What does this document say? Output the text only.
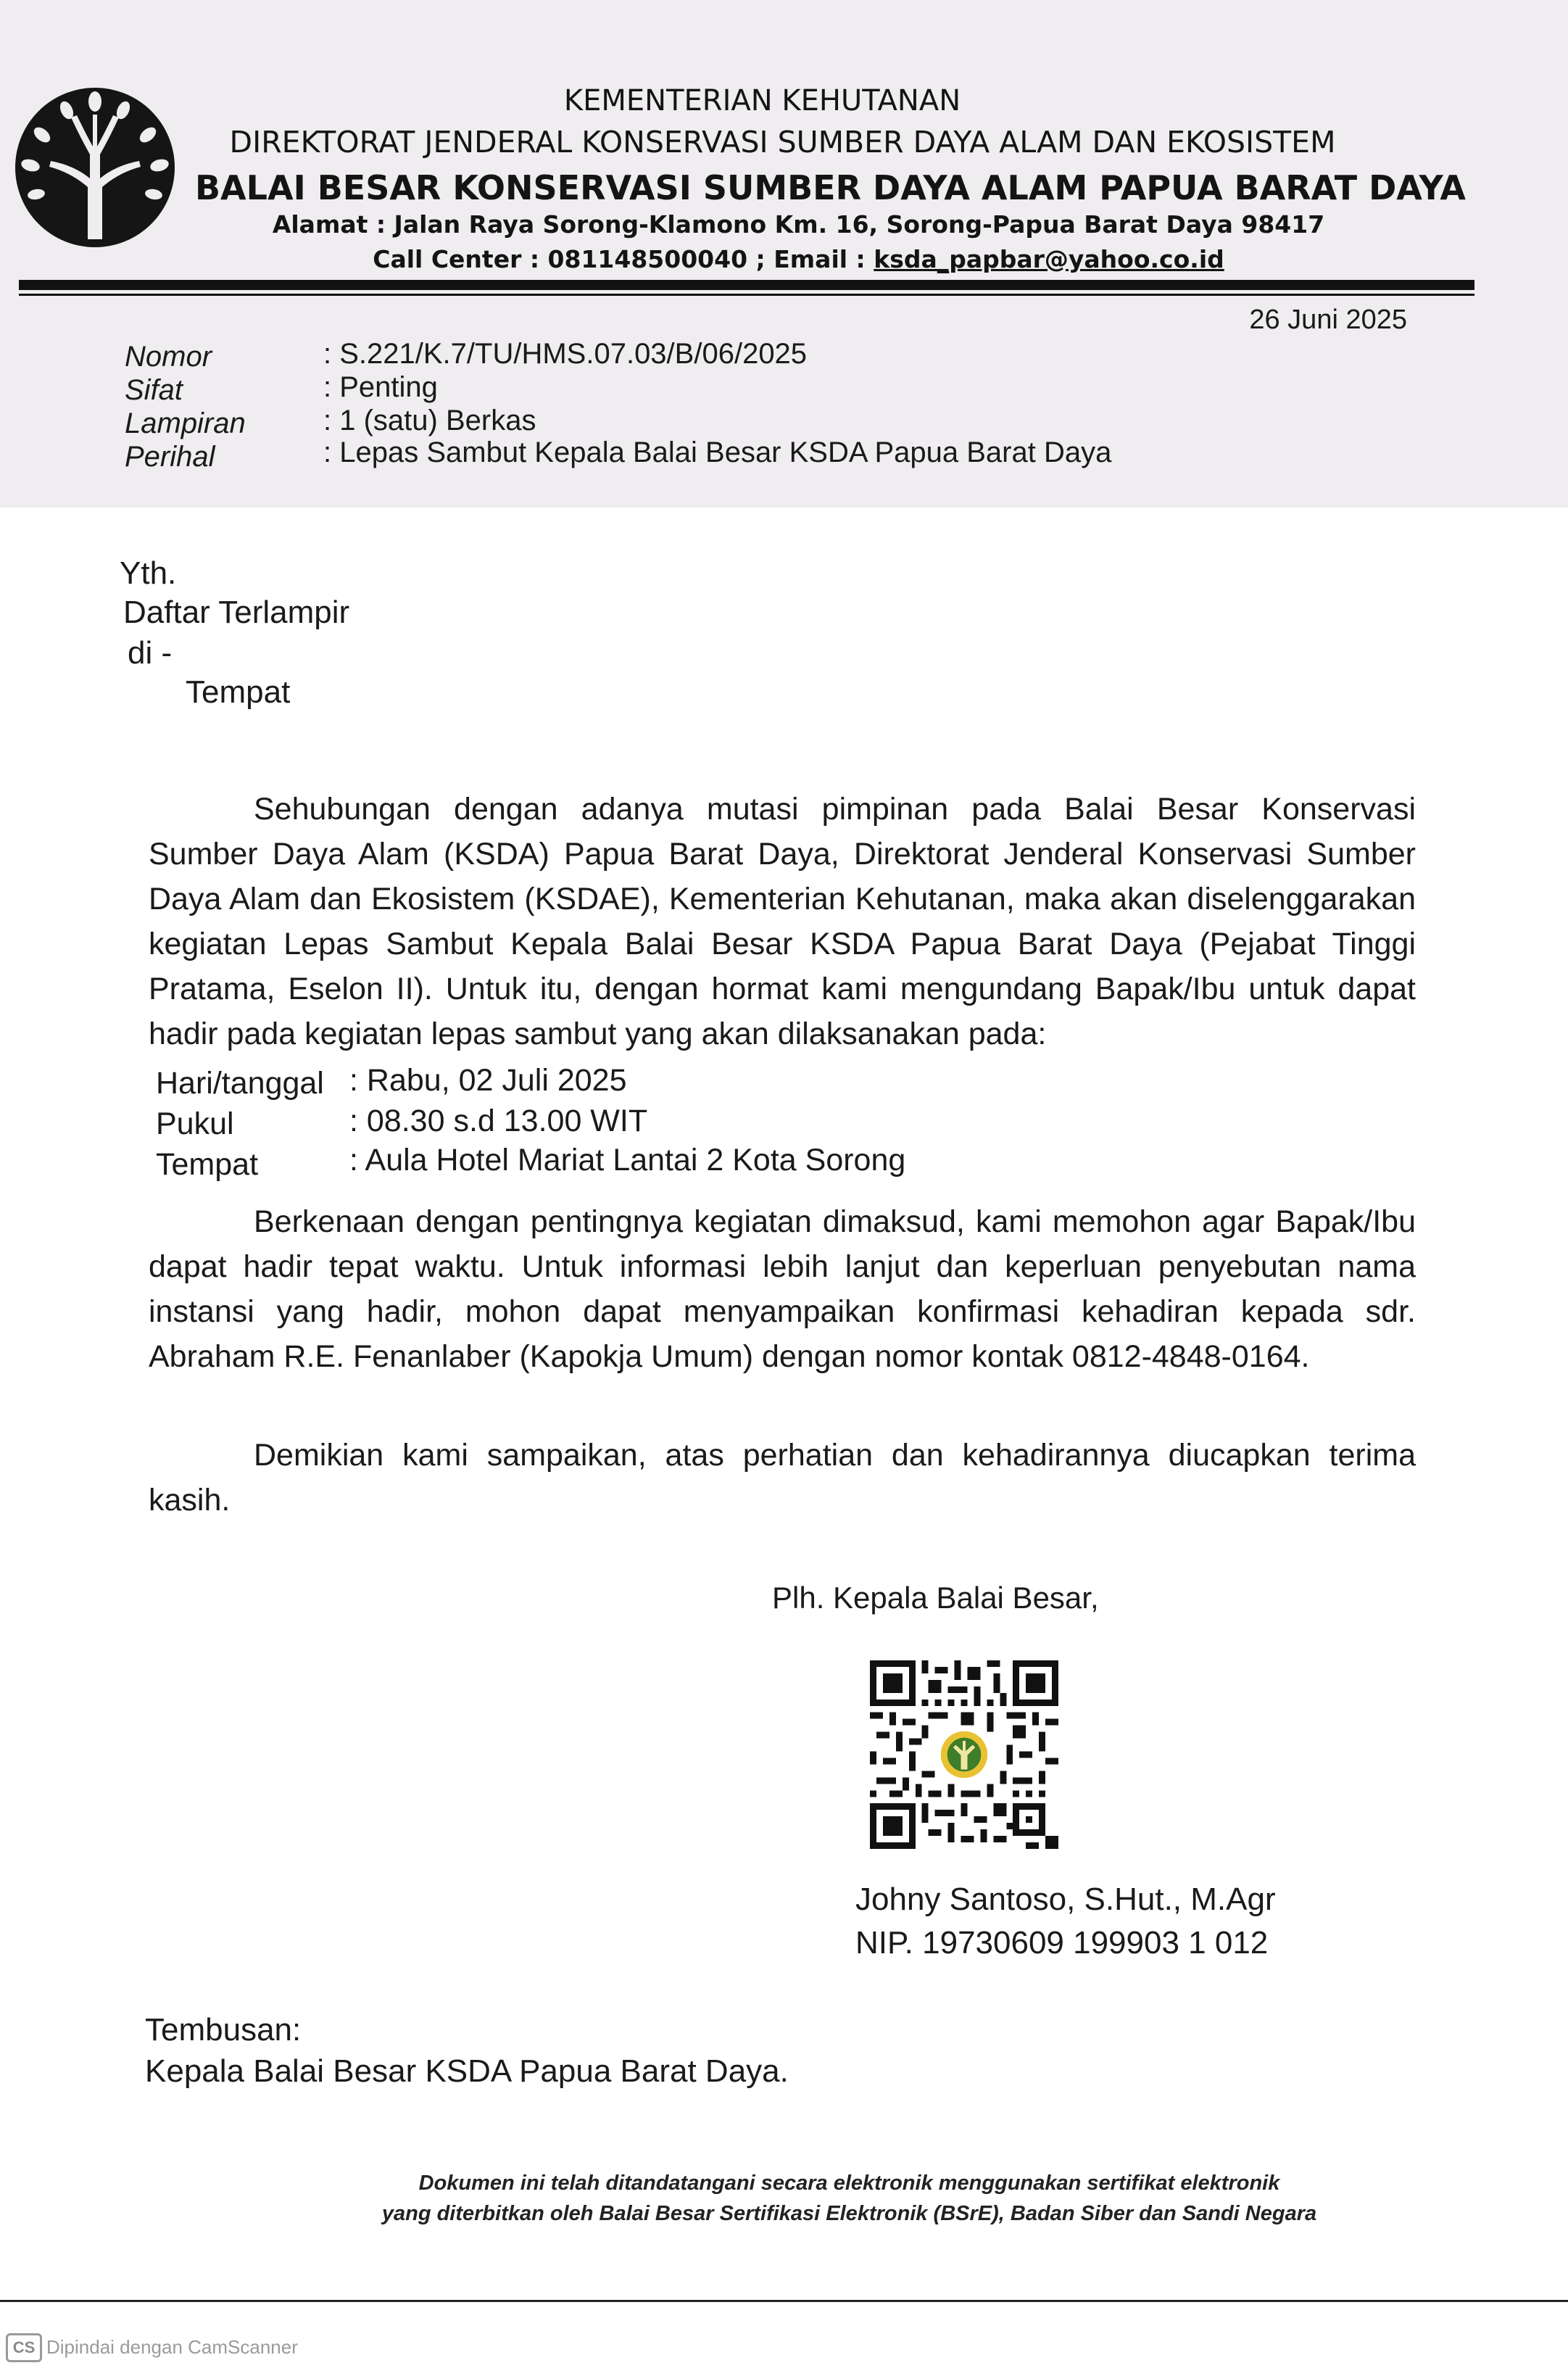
KEMENTERIAN KEHUTANAN
DIREKTORAT JENDERAL KONSERVASI SUMBER DAYA ALAM DAN EKOSISTEM
BALAI BESAR KONSERVASI SUMBER DAYA ALAM PAPUA BARAT DAYA
Alamat : Jalan Raya Sorong-Klamono Km. 16, Sorong-Papua Barat Daya 98417
Call Center : 081148500040 ; Email : ksda_papbar@yahoo.co.id
26 Juni 2025
Nomor	: S.221/K.7/TU/HMS.07.03/B/06/2025
Sifat	: Penting
Lampiran	: 1 (satu) Berkas
Perihal	: Lepas Sambut Kepala Balai Besar KSDA Papua Barat Daya
Yth.
Daftar Terlampir
di -
Tempat

Sehubungan dengan adanya mutasi pimpinan pada Balai Besar Konservasi Sumber Daya Alam (KSDA) Papua Barat Daya, Direktorat Jenderal Konservasi Sumber Daya Alam dan Ekosistem (KSDAE), Kementerian Kehutanan, maka akan diselenggarakan kegiatan Lepas Sambut Kepala Balai Besar KSDA Papua Barat Daya (Pejabat Tinggi Pratama, Eselon II). Untuk itu, dengan hormat kami mengundang Bapak/Ibu untuk dapat hadir pada kegiatan lepas sambut yang akan dilaksanakan pada:

Hari/tanggal : Rabu, 02 Juli 2025
Pukul	: 08.30 s.d 13.00 WIT
Tempat	: Aula Hotel Mariat Lantai 2 Kota Sorong

Berkenaan dengan pentingnya kegiatan dimaksud, kami memohon agar Bapak/Ibu dapat hadir tepat waktu. Untuk informasi lebih lanjut dan keperluan penyebutan nama instansi yang hadir, mohon dapat menyampaikan konfirmasi kehadiran kepada sdr. Abraham R.E. Fenanlaber (Kapokja Umum) dengan nomor kontak 0812-4848-0164.

Demikian kami sampaikan, atas perhatian dan kehadirannya diucapkan terima kasih.

Plh. Kepala Balai Besar,
Johny Santoso, S.Hut., M.Agr
NIP. 19730609 199903 1 012
Tembusan:
Kepala Balai Besar KSDA Papua Barat Daya.
Dokumen ini telah ditandatangani secara elektronik menggunakan sertifikat elektronik
yang diterbitkan oleh Balai Besar Sertifikasi Elektronik (BSrE), Badan Siber dan Sandi Negara
CS Dipindai dengan CamScanner
